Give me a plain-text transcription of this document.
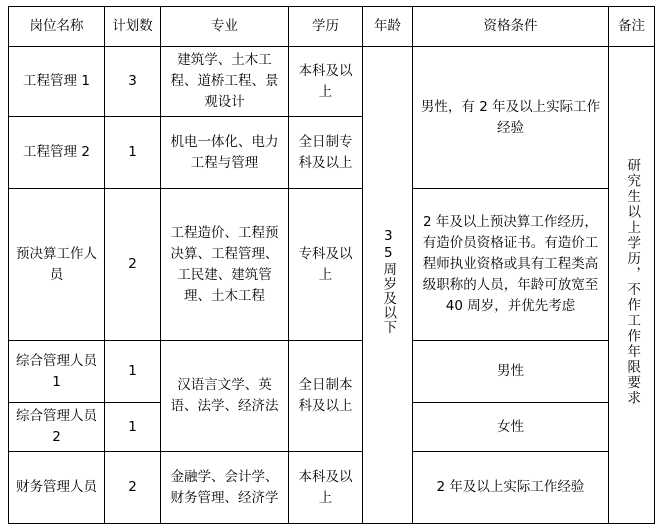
岗位名称	计划数	专业	学历	年龄	资格条件	备注
工程管理 1	3	建筑学、土木工程、道桥工程、景观设计	本科及以上	35周岁及以下	男性，有 2 年及以上实际工作经验	研究生以上学历，不作工作年限要求
工程管理 2	1	机电一体化、电力工程与管理	全日制专科及以上			
预决算工作人员	2	工程造价、工程预决算、工程管理、工民建、建筑管理、土木工程	专科及以上		2 年及以上预决算工作经历，有造价员资格证书。有造价工程师执业资格或具有工程类高级职称的人员，年龄可放宽至 40 周岁，并优先考虑	
综合管理人员 1	1	汉语言文学、英语、法学、经济法	全日制本科及以上		男性	
综合管理人员 2	1				女性	
财务管理人员	2	金融学、会计学、财务管理、经济学	本科及以上		2 年及以上实际工作经验	
